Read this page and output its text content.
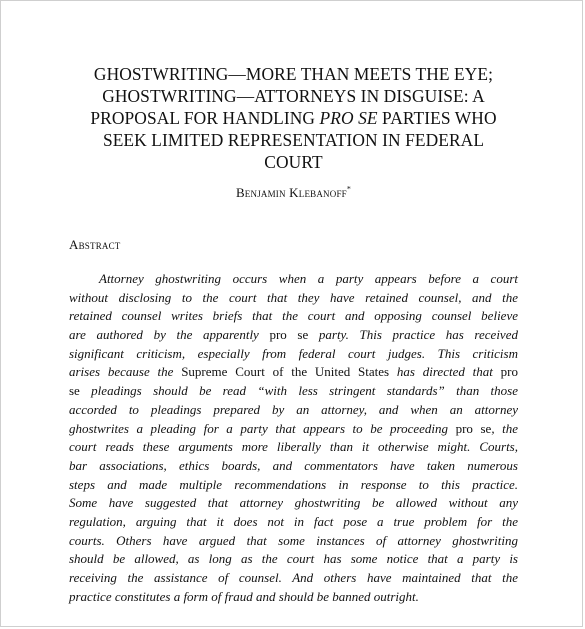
GHOSTWRITING—MORE THAN MEETS THE EYE;
GHOSTWRITING—ATTORNEYS IN DISGUISE: A
PROPOSAL FOR HANDLING PRO SE PARTIES WHO
SEEK LIMITED REPRESENTATION IN FEDERAL
COURT
Benjamin Klebanoff*
Abstract
Attorney ghostwriting occurs when a party appears before a court
without disclosing to the court that they have retained counsel, and the
retained counsel writes briefs that the court and opposing counsel believe
are authored by the apparently pro se party. This practice has received
significant criticism, especially from federal court judges. This criticism
arises because the Supreme Court of the United States has directed that pro
se pleadings should be read “with less stringent standards” than those
accorded to pleadings prepared by an attorney, and when an attorney
ghostwrites a pleading for a party that appears to be proceeding pro se, the
court reads these arguments more liberally than it otherwise might. Courts,
bar associations, ethics boards, and commentators have taken numerous
steps and made multiple recommendations in response to this practice.
Some have suggested that attorney ghostwriting be allowed without any
regulation, arguing that it does not in fact pose a true problem for the
courts. Others have argued that some instances of attorney ghostwriting
should be allowed, as long as the court has some notice that a party is
receiving the assistance of counsel. And others have maintained that the
practice constitutes a form of fraud and should be banned outright.
